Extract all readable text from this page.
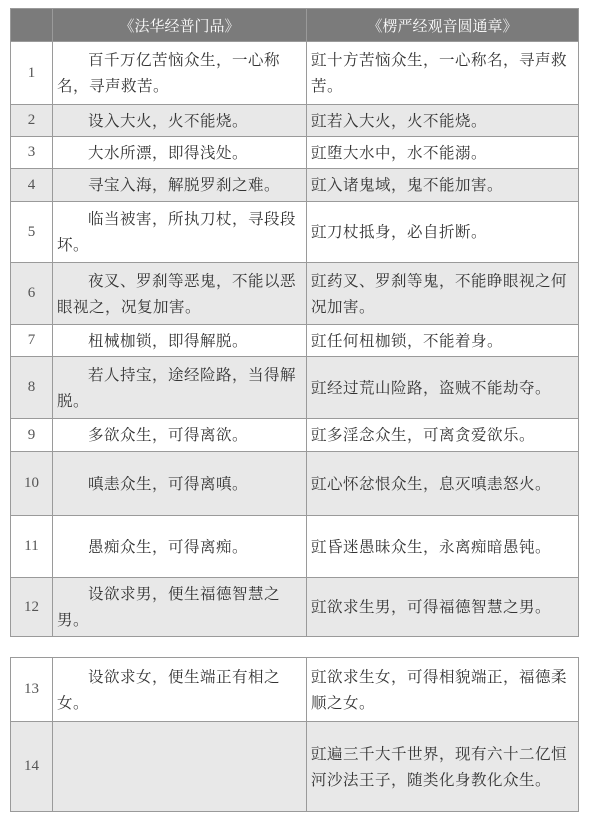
	《法华经普门品》	《楞严经观音圆通章》
1	百千万亿苦恼众生，一心称名，寻声救苦。	豇十方苦恼众生，一心称名，寻声救苦。
2	设入大火，火不能烧。	豇若入大火，火不能烧。
3	大水所漂，即得浅处。	豇堕大水中，水不能溺。
4	寻宝入海，解脱罗刹之难。	豇入诸鬼域，鬼不能加害。
5	临当被害，所执刀杖，寻段段坏。	豇刀杖抵身，必自折断。
6	夜叉、罗刹等恶鬼，不能以恶眼视之，况复加害。	豇药叉、罗刹等鬼，不能睁眼视之何况加害。
7	杻械枷锁，即得解脱。	豇任何杻枷锁，不能着身。
8	若人持宝，途经险路，当得解脱。	豇经过荒山险路，盗贼不能劫夺。
9	多欲众生，可得离欲。	豇多淫念众生，可离贪爱欲乐。
10	嗔恚众生，可得离嗔。	豇心怀忿恨众生，息灭嗔恚怒火。
11	愚痴众生，可得离痴。	豇昏迷愚昧众生，永离痴暗愚钝。
12	设欲求男，便生福德智慧之男。	豇欲求生男，可得福德智慧之男。
13	设欲求女，便生端正有相之女。	豇欲求生女，可得相貌端正，福德柔顺之女。
14		豇遍三千大千世界，现有六十二亿恒河沙法王子，随类化身教化众生。
